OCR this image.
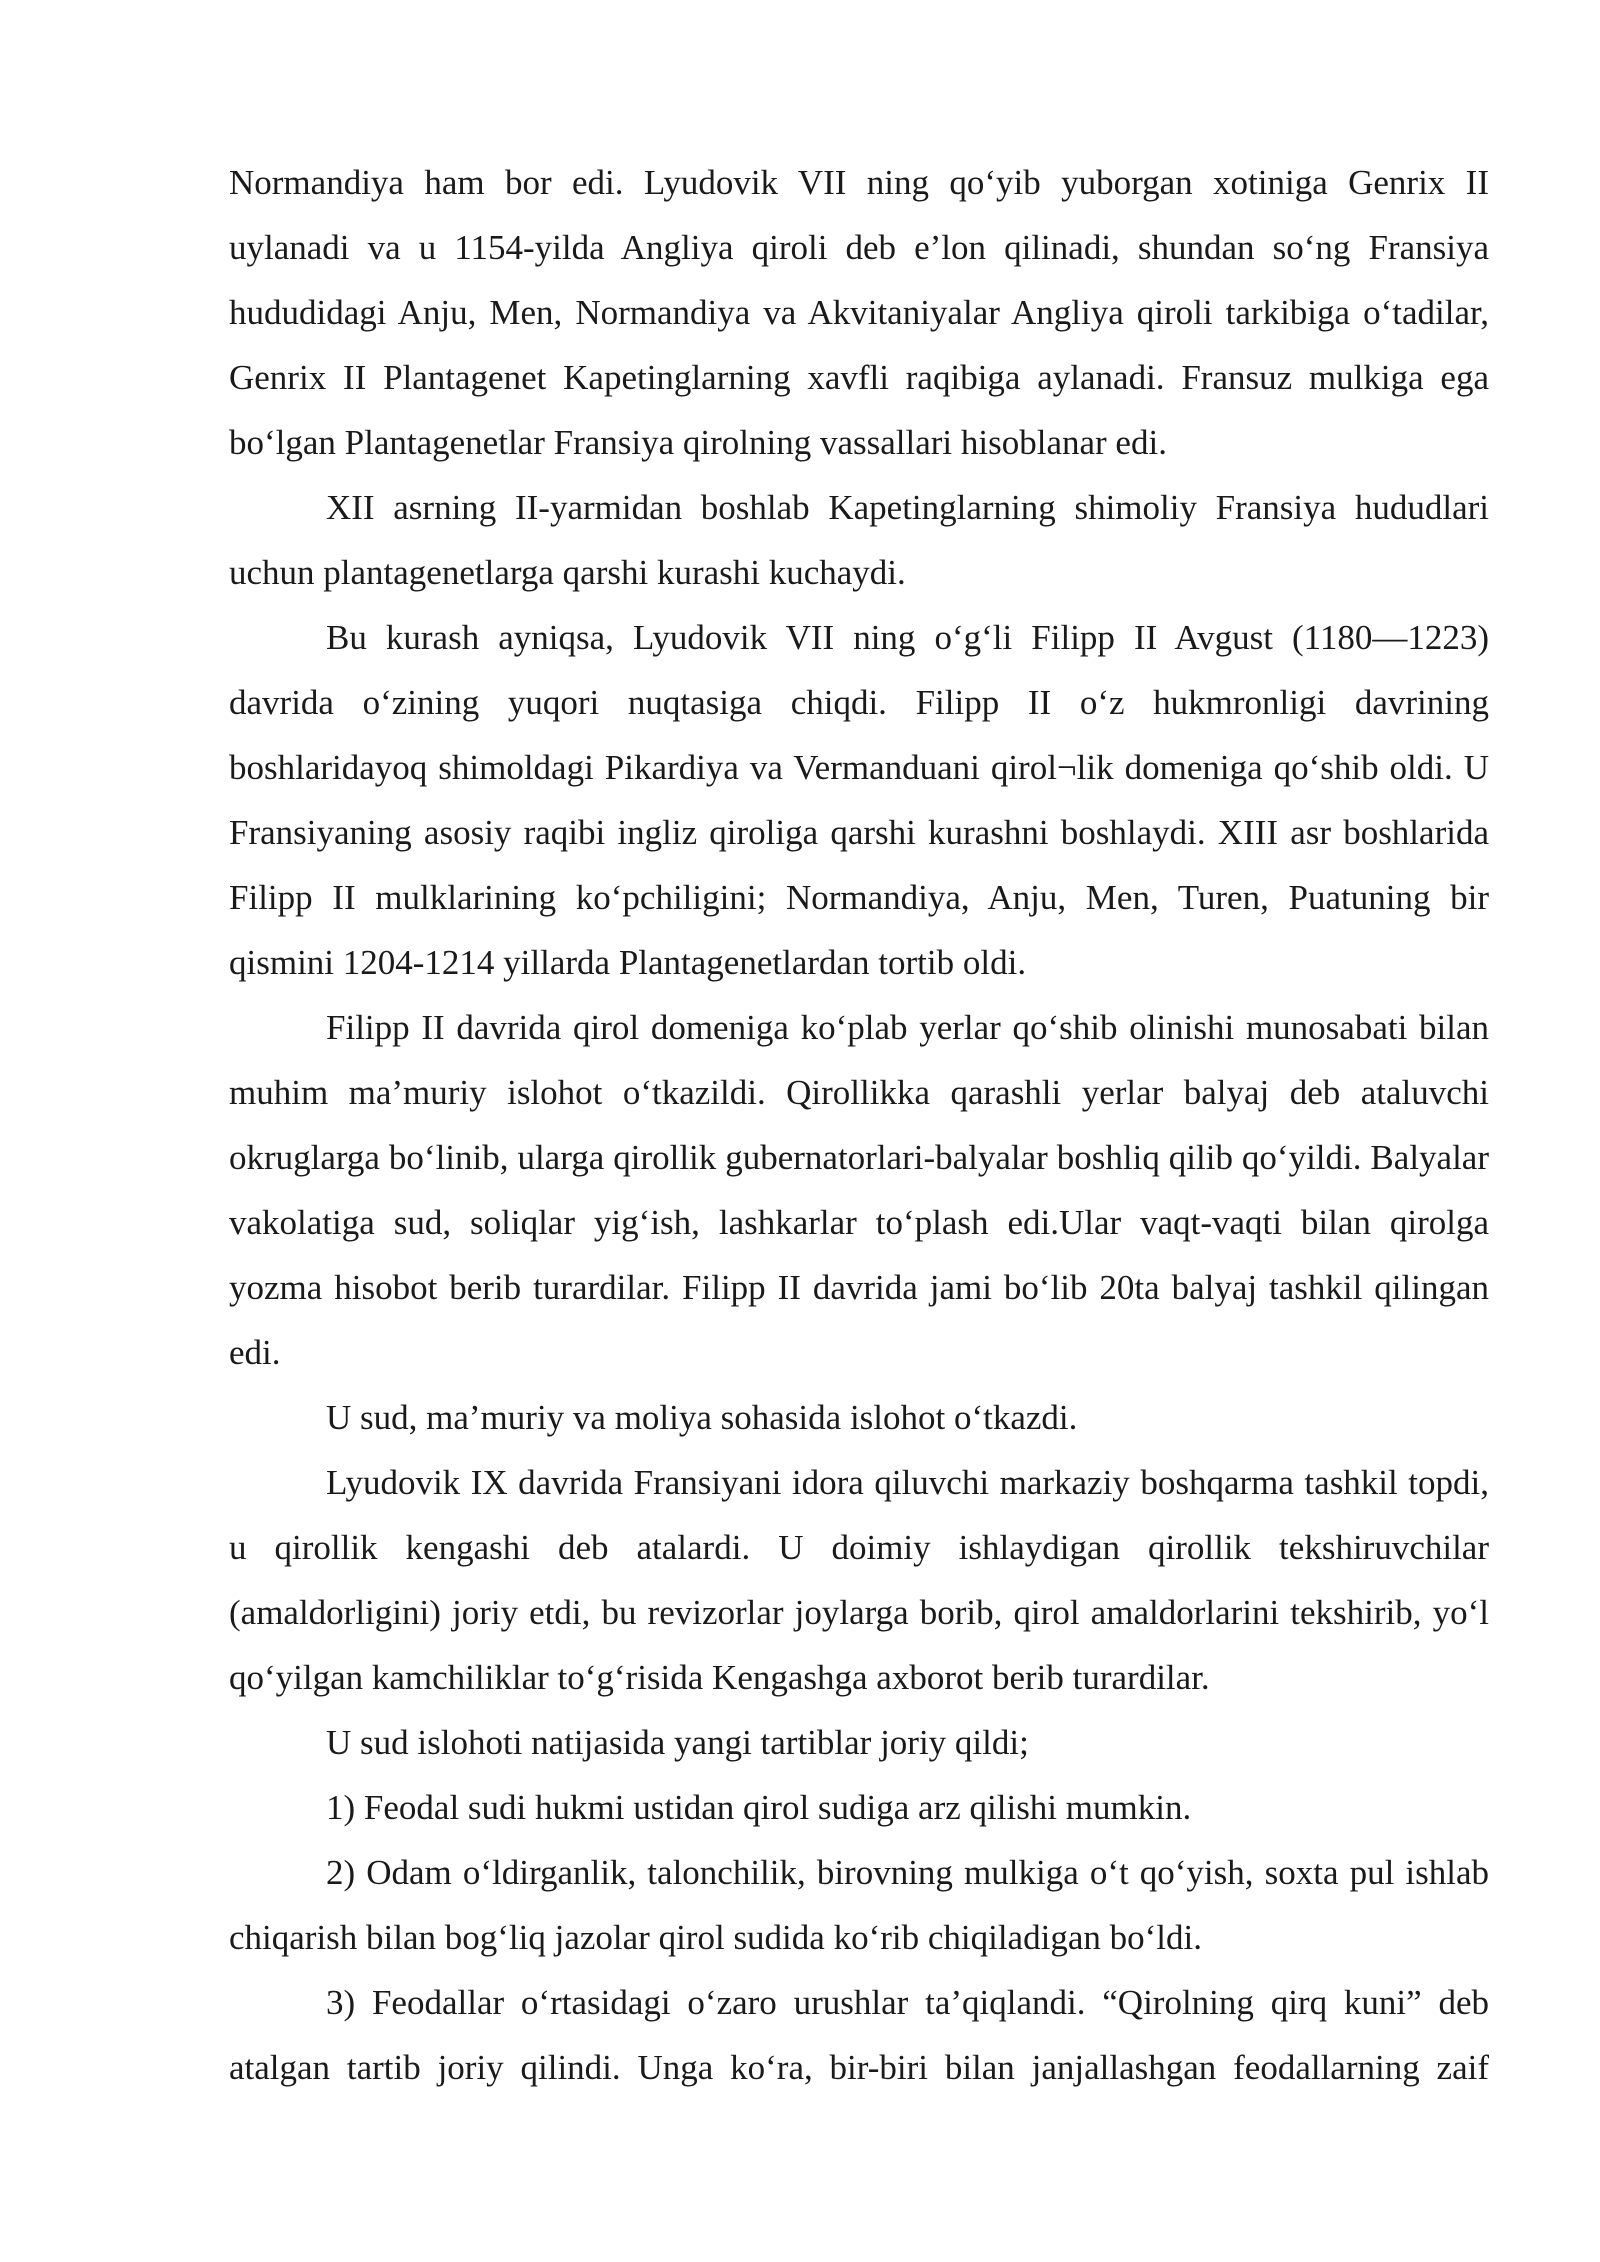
Normandiya ham bor edi. Lyudovik VII ning qo‘yib yuborgan xotiniga Genrix II uylanadi va u 1154-yilda Angliya qiroli deb e’lon qilinadi, shundan so‘ng Fransiya hududidagi Anju, Men, Normandiya va Akvitaniyalar Angliya qiroli tarkibiga o‘tadilar, Genrix II Plantagenet Kapetinglarning xavfli raqibiga aylanadi. Fransuz mulkiga ega bo‘lgan Plantagenetlar Fransiya qirolning vassallari hisoblanar edi.

XII asrning II-yarmidan boshlab Kapetinglarning shimoliy Fransiya hududlari uchun plantagenetlarga qarshi kurashi kuchaydi.

Bu kurash ayniqsa, Lyudovik VII ning o‘g‘li Filipp II Avgust (1180—1223) davrida o‘zining yuqori nuqtasiga chiqdi. Filipp II o‘z hukmronligi davrining boshlaridayoq shimoldagi Pikardiya va Vermanduani qirol¬lik domeniga qo‘shib oldi. U Fransiyaning asosiy raqibi ingliz qiroliga qarshi kurashni boshlaydi. XIII asr boshlarida Filipp II mulklarining ko‘pchiligini; Normandiya, Anju, Men, Turen, Puatuning bir qismini 1204-1214 yillarda Plantagenetlardan tortib oldi.

Filipp II davrida qirol domeniga ko‘plab yerlar qo‘shib olinishi munosabati bilan muhim ma’muriy islohot o‘tkazildi. Qirollikka qarashli yerlar balyaj deb ataluvchi okruglarga bo‘linib, ularga qirollik gubernatorlari-balyalar boshliq qilib qo‘yildi. Balyalar vakolatiga sud, soliqlar yig‘ish, lashkarlar to‘plash edi.Ular vaqt-vaqti bilan qirolga yozma hisobot berib turardilar. Filipp II davrida jami bo‘lib 20ta balyaj tashkil qilingan edi.

U sud, ma’muriy va moliya sohasida islohot o‘tkazdi.

Lyudovik IX davrida Fransiyani idora qiluvchi markaziy boshqarma tashkil topdi, u qirollik kengashi deb atalardi. U doimiy ishlaydigan qirollik tekshiruvchilar (amaldorligini) joriy etdi, bu revizorlar joylarga borib, qirol amaldorlarini tekshirib, yo‘l qo‘yilgan kamchiliklar to‘g‘risida Kengashga axborot berib turardilar.

U sud islohoti natijasida yangi tartiblar joriy qildi;

1) Feodal sudi hukmi ustidan qirol sudiga arz qilishi mumkin.

2) Odam o‘ldirganlik, talonchilik, birovning mulkiga o‘t qo‘yish, soxta pul ishlab chiqarish bilan bog‘liq jazolar qirol sudida ko‘rib chiqiladigan bo‘ldi.

3) Feodallar o‘rtasidagi o‘zaro urushlar ta’qiqlandi. “Qirolning qirq kuni” deb atalgan tartib joriy qilindi. Unga ko‘ra, bir-biri bilan janjallashgan feodallarning zaif
